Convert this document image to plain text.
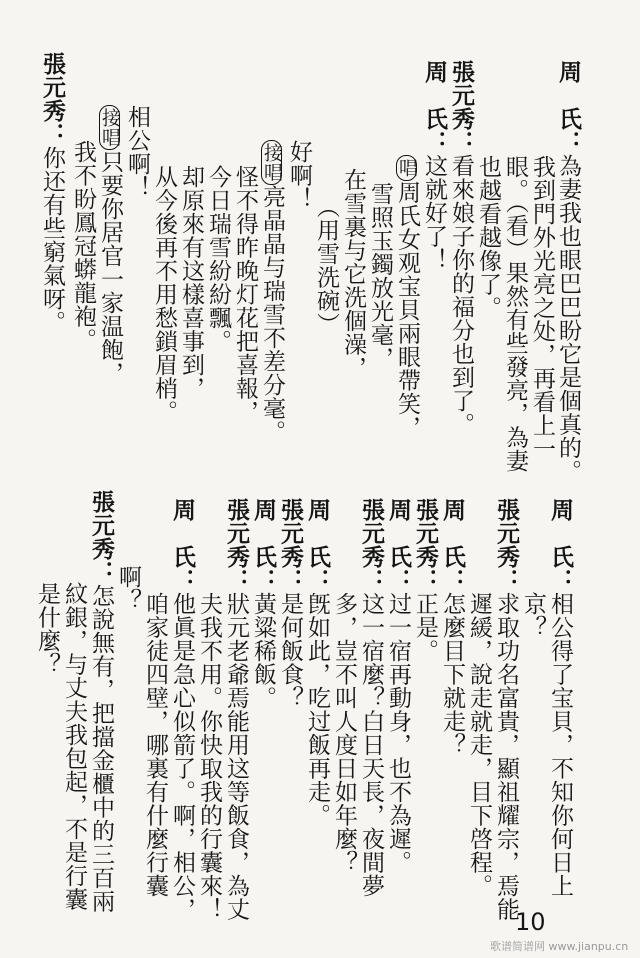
周　氏：為妻我也眼巴巴盼它是個真的。
我到門外光亮之处，再看上一
眼。（看）果然有些發亮，為妻
也越看越像了。
張元秀：看來娘子你的福分也到了。
周　氏：这就好了！
唱周氏女观宝貝兩眼帶笑，
雪照玉鐲放光毫，
在雪裏与它洗個澡，
（用雪洗碗）
好啊！
接唱亮晶晶与瑞雪不差分毫。
怪不得昨晚灯花把喜報，
今日瑞雪紛紛飄。
却原來有这樣喜事到，
从今後再不用愁鎖眉梢。
相公啊！
接唱只要你居官一家温飽，
我不盼鳳冠蟒龍袍。
張元秀：你还有些窮氣呀。
周　氏：相公得了宝貝，不知你何日上
京？
張元秀：求取功名富貴，顯祖耀宗，焉能
遲緩，說走就走，目下啓程。
周　氏：怎麼目下就走？
張元秀：正是。
周　氏：过一宿再動身，也不為遲。
張元秀：这一宿麼？白日天長，夜間夢
多，豈不叫人度日如年麼？
周　氏：旣如此，吃过飯再走。
張元秀：是何飯食？
周　氏：黃粱稀飯。
張元秀：狀元老爺焉能用这等飯食，為丈
夫我不用。你快取我的行囊來！
周　氏：他眞是急心似箭了。啊，相公，
咱家徒四壁，哪裏有什麼行囊
啊？
張元秀：怎說無有，把擋金櫃中的三百兩
紋銀，与丈夫我包起，不是行囊
是什麼？
10
歌谱简谱网 www.jianpu.cn
